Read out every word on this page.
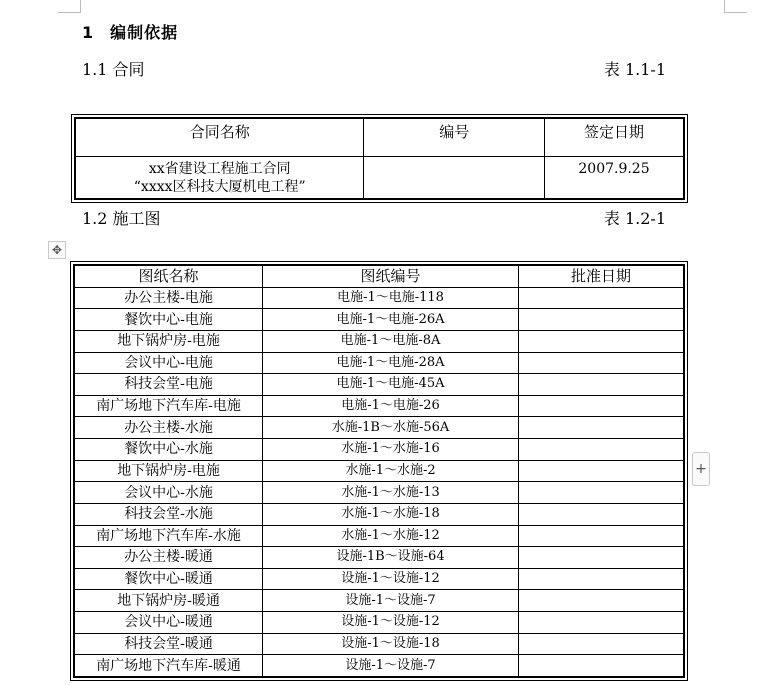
1 编制依据
1.1 合同	表 1.1-1
合同名称	编号	签定日期

xx省建设工程施工合同
“xxxx区科技大厦机电工程”		2007.9.25
1.2 施工图	表 1.2-1
✥
图纸名称	图纸编号	批准日期
办公主楼-电施	电施-1～电施-118	
餐饮中心-电施	电施-1～电施-26A	
地下锅炉房-电施	电施-1～电施-8A	
会议中心-电施	电施-1～电施-28A	
科技会堂-电施	电施-1～电施-45A	
南广场地下汽车库-电施	电施-1～电施-26	
办公主楼-水施	水施-1B～水施-56A	
餐饮中心-水施	水施-1～水施-16	
地下锅炉房-电施	水施-1～水施-2	
会议中心-水施	水施-1～水施-13	
科技会堂-水施	水施-1～水施-18	
南广场地下汽车库-水施	水施-1～水施-12	
办公主楼-暖通	设施-1B～设施-64	
餐饮中心-暖通	设施-1～设施-12	
地下锅炉房-暖通	设施-1～设施-7	
会议中心-暖通	设施-1～设施-12	
科技会堂-暖通	设施-1～设施-18	
南广场地下汽车库-暖通	设施-1～设施-7	
+
